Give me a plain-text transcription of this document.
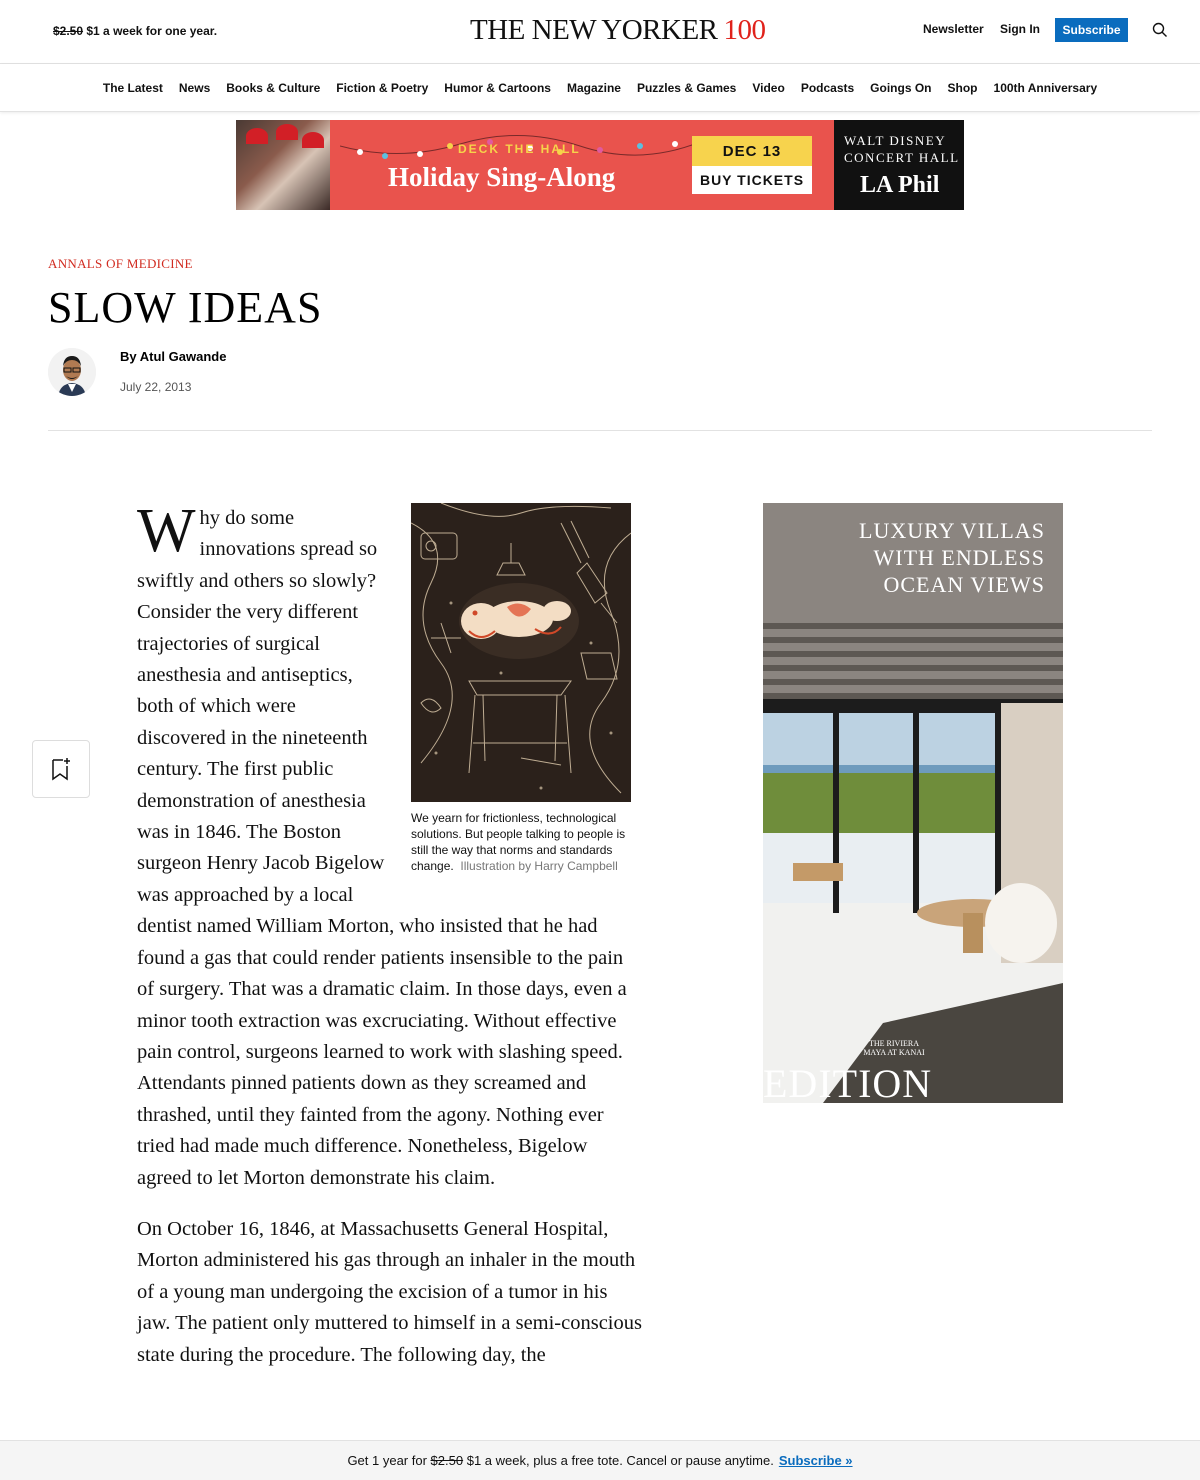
$2.50 $1 a week for one year.	THE NEW YORKER 100	Newsletter Sign In	Subscribe
The Latest News Books & Culture Fiction & Poetry Humor & Cartoons Magazine Puzzles & Games Video Podcasts Goings On Shop 100th Anniversary
DECK THE HALL
Holiday Sing-Along
DEC 13
BUY TICKETS
WALT DISNEY CONCERT HALL
LA Phil
ANNALS OF MEDICINE
SLOW IDEAS
By Atul Gawande
July 22, 2013

We yearn for frictionless, technological solutions. But people talking to people is still the way that norms and standards change. Illustration by Harry Campbell
W hy do some innovations spread so swiftly and others so slowly? Consider the very different trajectories of surgical anesthesia and antiseptics, both of which were discovered in the nineteenth century. The first public demonstration of anesthesia was in 1846. The Boston surgeon Henry Jacob Bigelow was approached by a local dentist named William Morton, who insisted that he had found a gas that could render patients insensible to the pain of surgery. That was a dramatic claim. In those days, even a minor tooth extraction was excruciating. Without effective pain control, surgeons learned to work with slashing speed. Attendants pinned patients down as they screamed and thrashed, until they fainted from the agony. Nothing ever tried had made much difference. Nonetheless, Bigelow agreed to let Morton demonstrate his claim.

On October 16, 1846, at Massachusetts General Hospital, Morton administered his gas through an inhaler in the mouth of a young man undergoing the excision of a tumor in his jaw. The patient only muttered to himself in a semi-conscious state during the procedure. The following day, the

LUXURY VILLAS
WITH ENDLESS
OCEAN VIEWS
THE RIVIERA MAYA AT KANAI
EDITION
Get 1 year for
$2.50
$1 a week, plus a free tote. Cancel or pause anytime. Subscribe »
